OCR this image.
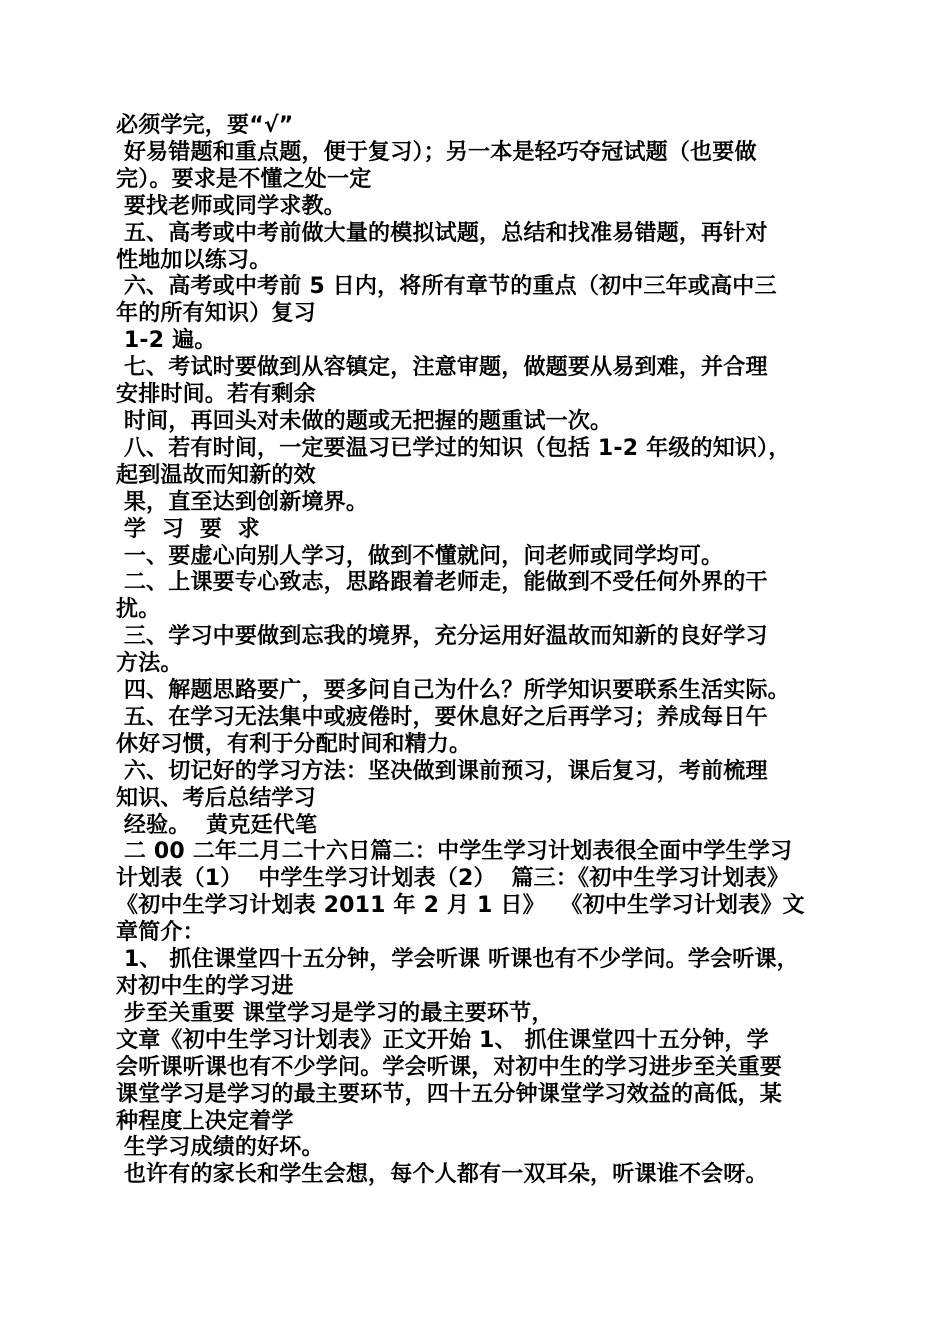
必须学完，要“√”
好易错题和重点题，便于复习）；另一本是轻巧夺冠试题（也要做
完）。要求是不懂之处一定
要找老师或同学求教。
五、高考或中考前做大量的模拟试题，总结和找准易错题，再针对
性地加以练习。
六、高考或中考前 5 日内，将所有章节的重点（初中三年或高中三
年的所有知识）复习
1-2 遍。
七、考试时要做到从容镇定，注意审题，做题要从易到难，并合理
安排时间。若有剩余
时间，再回头对未做的题或无把握的题重试一次。
八、若有时间，一定要温习已学过的知识（包括 1-2 年级的知识），
起到温故而知新的效
果，直至达到创新境界。
学  习  要  求
一、要虚心向别人学习，做到不懂就问，问老师或同学均可。
二、上课要专心致志，思路跟着老师走，能做到不受任何外界的干
扰。
三、学习中要做到忘我的境界，充分运用好温故而知新的良好学习
方法。
四、解题思路要广，要多问自己为什么？所学知识要联系生活实际。
五、在学习无法集中或疲倦时，要休息好之后再学习；养成每日午
休好习惯，有利于分配时间和精力。
六、切记好的学习方法：坚决做到课前预习，课后复习，考前梳理
知识、考后总结学习
经验。  黄克廷代笔
二 00 二年二月二十六日篇二：中学生学习计划表很全面中学生学习
计划表（1）  中学生学习计划表（2）  篇三：《初中生学习计划表》
《初中生学习计划表 2011 年 2 月 1 日》  《初中生学习计划表》文
章简介：
1、 抓住课堂四十五分钟，学会听课 听课也有不少学问。学会听课，
对初中生的学习进
步至关重要 课堂学习是学习的最主要环节，
文章《初中生学习计划表》正文开始 1、 抓住课堂四十五分钟，学
会听课听课也有不少学问。学会听课，对初中生的学习进步至关重要
课堂学习是学习的最主要环节，四十五分钟课堂学习效益的高低，某
种程度上决定着学
生学习成绩的好坏。
也许有的家长和学生会想，每个人都有一双耳朵，听课谁不会呀。
